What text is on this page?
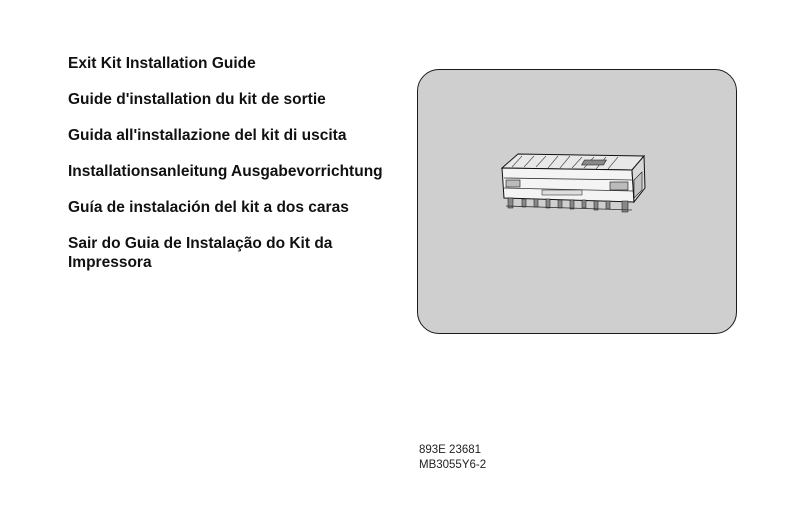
Exit Kit Installation Guide
Guide d'installation du kit de sortie
Guida all'installazione del kit di uscita
Installationsanleitung Ausgabevorrichtung
Guía de instalación del kit a dos caras
Sair do Guia de Instalação do Kit da Impressora
893E 23681
MB3055Y6-2
